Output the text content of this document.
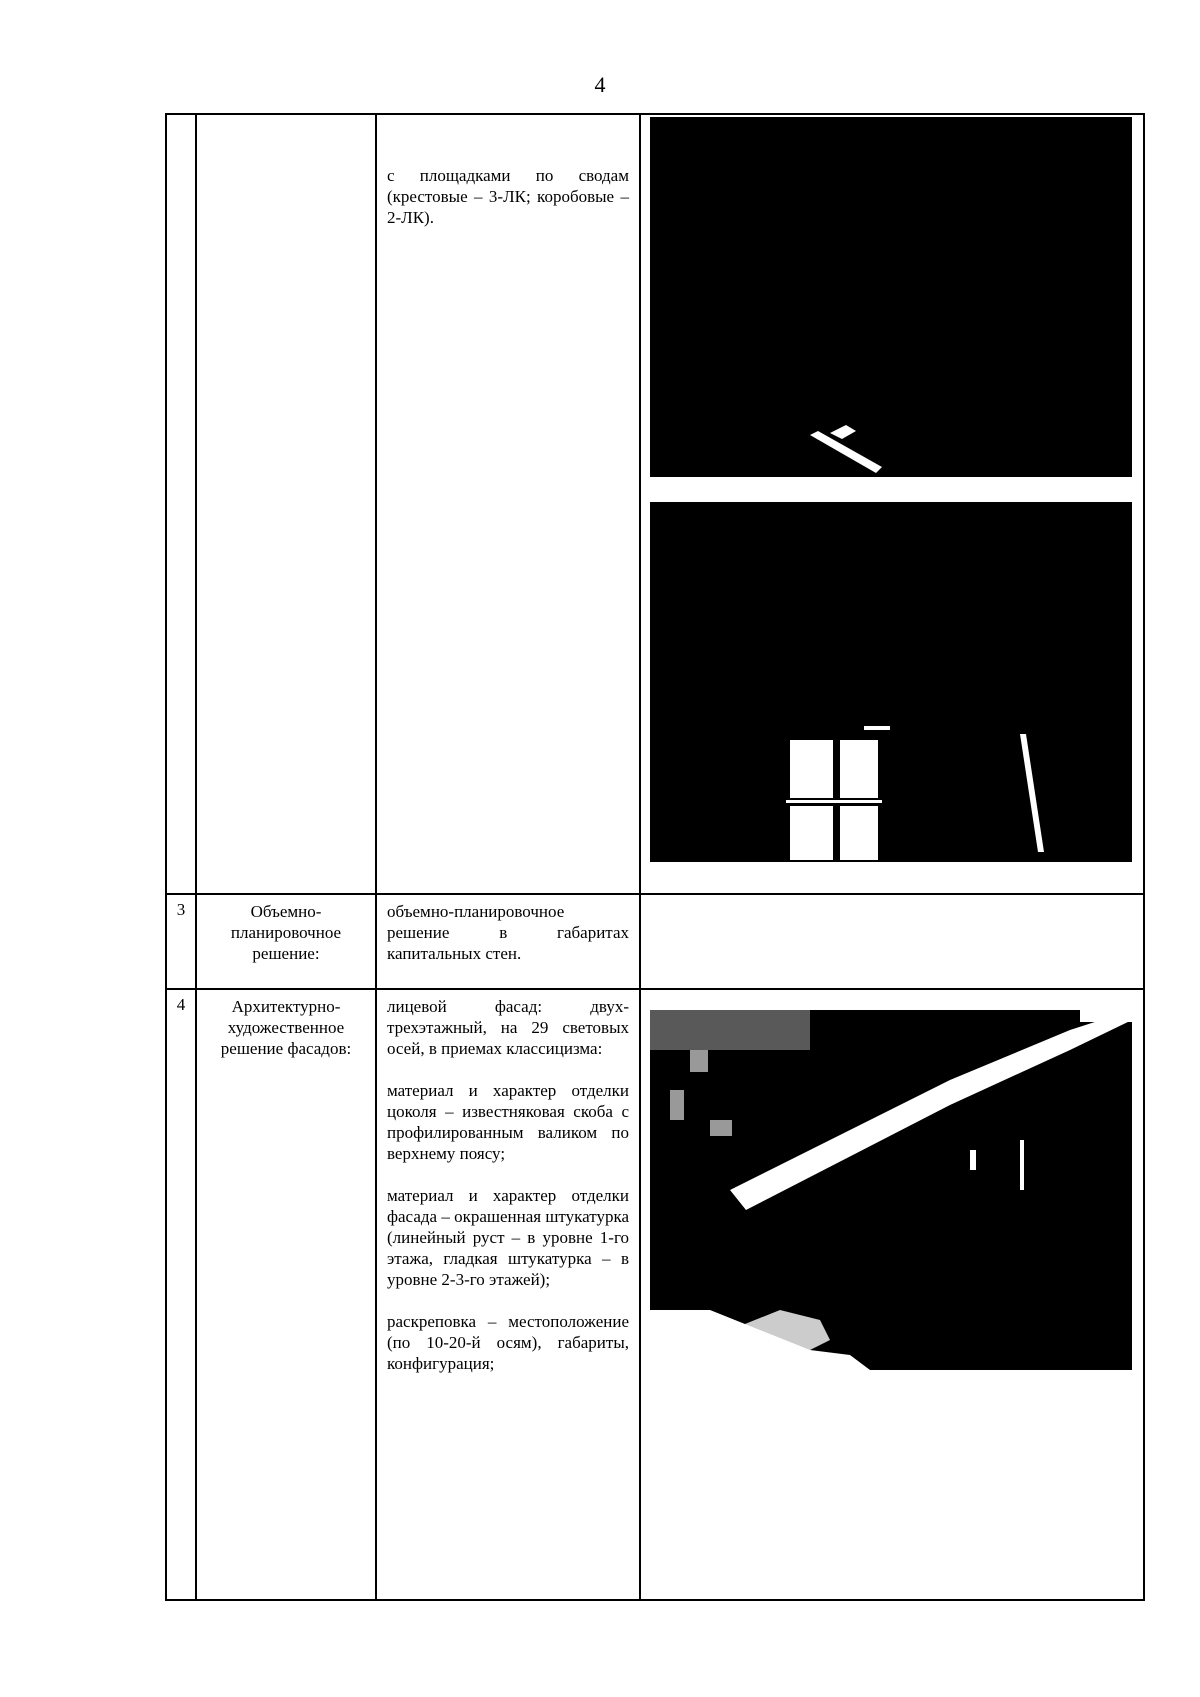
4

		с площадками по сводам (крестовые – 3-ЛК; коробовые – 2-ЛК).

3	Объемно-планировочное решение:	объемно-планировочное решение в габаритах капитальных стен.	

4	Архитектурно-художественное решение фасадов:	лицевой фасад: двух-трехэтажный, на 29 световых осей, в приемах классицизма:

материал и характер отделки цоколя – известняковая скоба с профилированным валиком по верхнему поясу;

материал и характер отделки фасада – окрашенная штукатурка (линейный руст – в уровне 1-го этажа, гладкая штукатурка – в уровне 2-3-го этажей);

раскреповка – местоположение (по 10-20-й осям), габариты, конфигурация;
